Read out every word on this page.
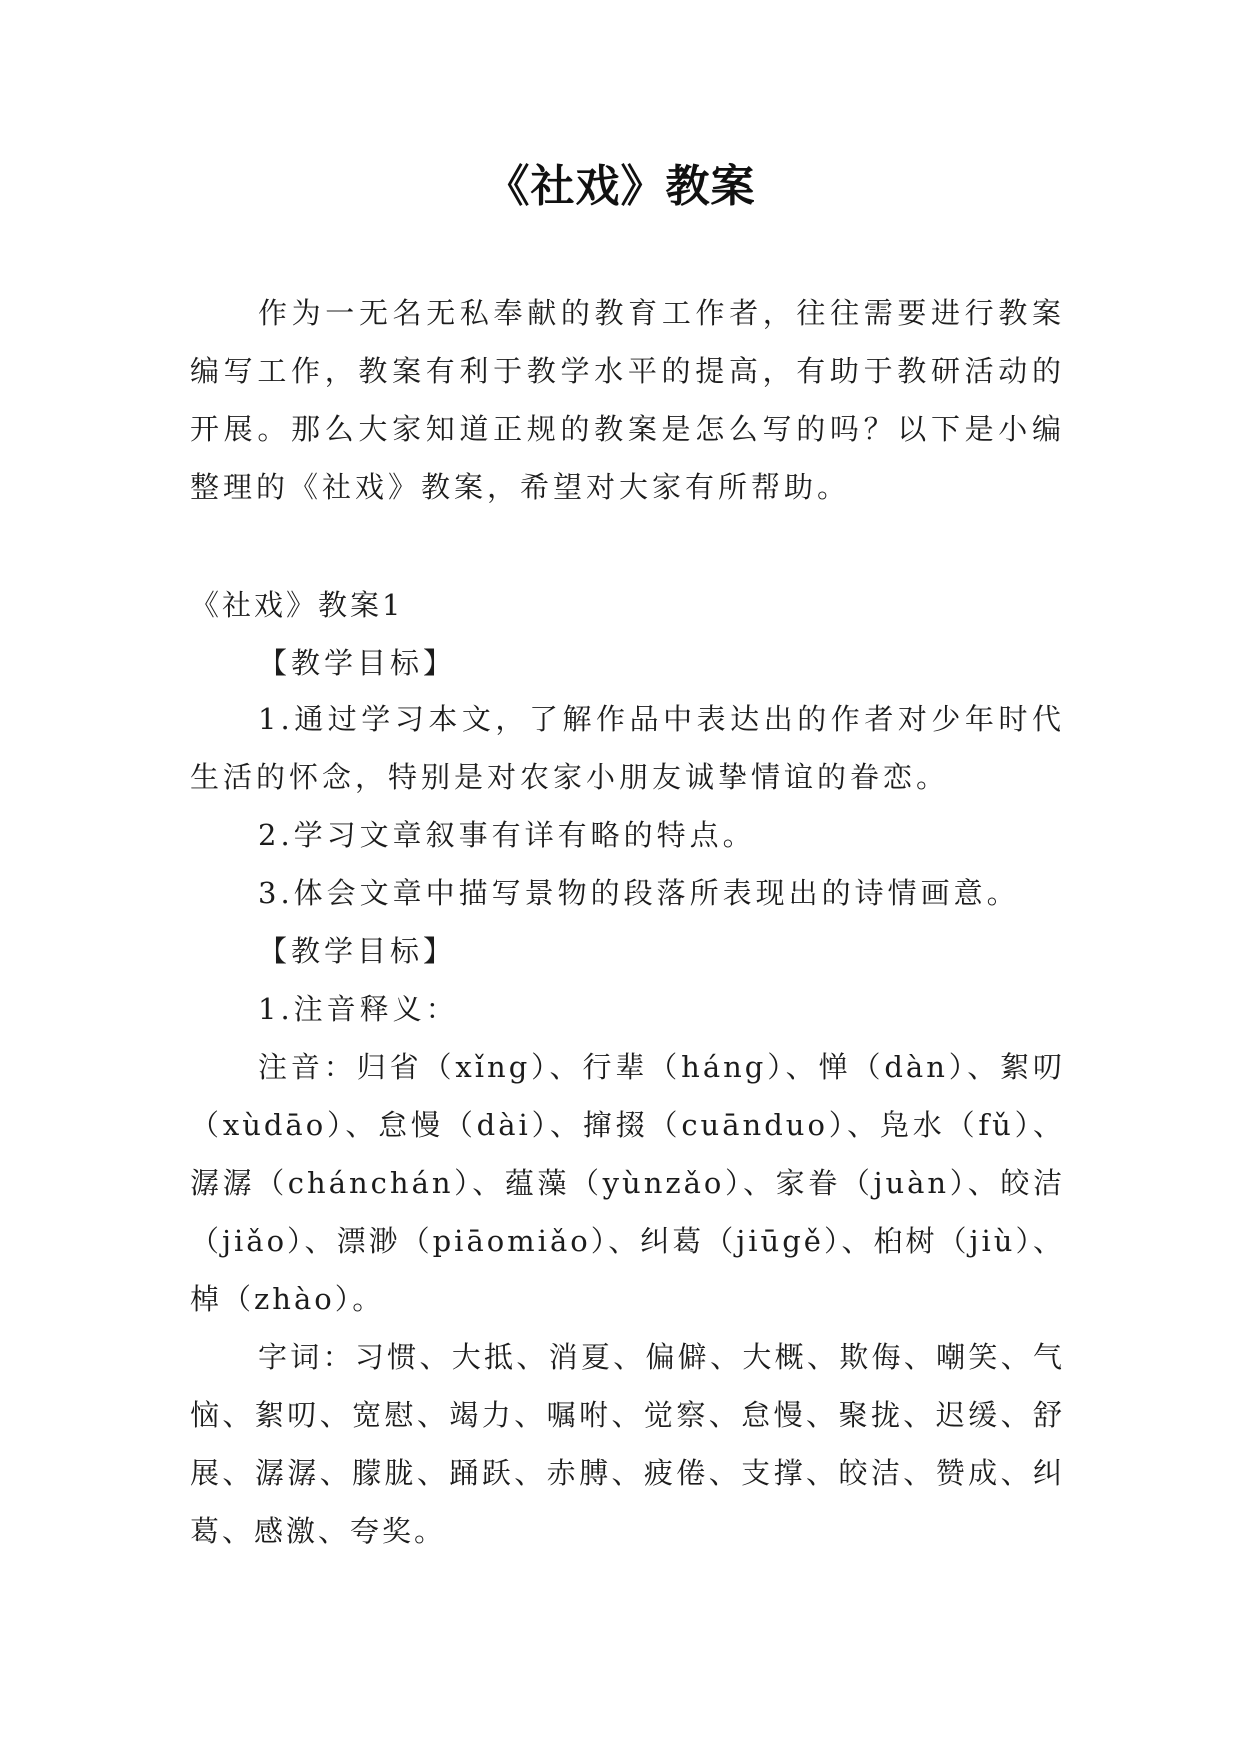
《社戏》教案
作为一无名无私奉献的教育工作者，往往需要进行教案编写工作，教案有利于教学水平的提高，有助于教研活动的开展。那么大家知道正规的教案是怎么写的吗？以下是小编整理的《社戏》教案，希望对大家有所帮助。
《社戏》教案1
【教学目标】
1.通过学习本文，了解作品中表达出的作者对少年时代生活的怀念，特别是对农家小朋友诚挚情谊的眷恋。
2.学习文章叙事有详有略的特点。
3.体会文章中描写景物的段落所表现出的诗情画意。
【教学目标】
1.注音释义：
注音：归省（xǐng）、行辈（háng）、惮（dàn）、絮叨（xùdāo）、怠慢（dài）、撺掇（cuānduo）、凫水（fǔ）、潺潺（chánchán）、蕴藻（yùnzǎo）、家眷（juàn）、皎洁（jiǎo）、漂渺（piāomiǎo）、纠葛（jiūgě）、桕树（jiù）、棹（zhào）。
字词：习惯、大抵、消夏、偏僻、大概、欺侮、嘲笑、气恼、絮叨、宽慰、竭力、嘱咐、觉察、怠慢、聚拢、迟缓、舒展、潺潺、朦胧、踊跃、赤膊、疲倦、支撑、皎洁、赞成、纠葛、感激、夸奖。
